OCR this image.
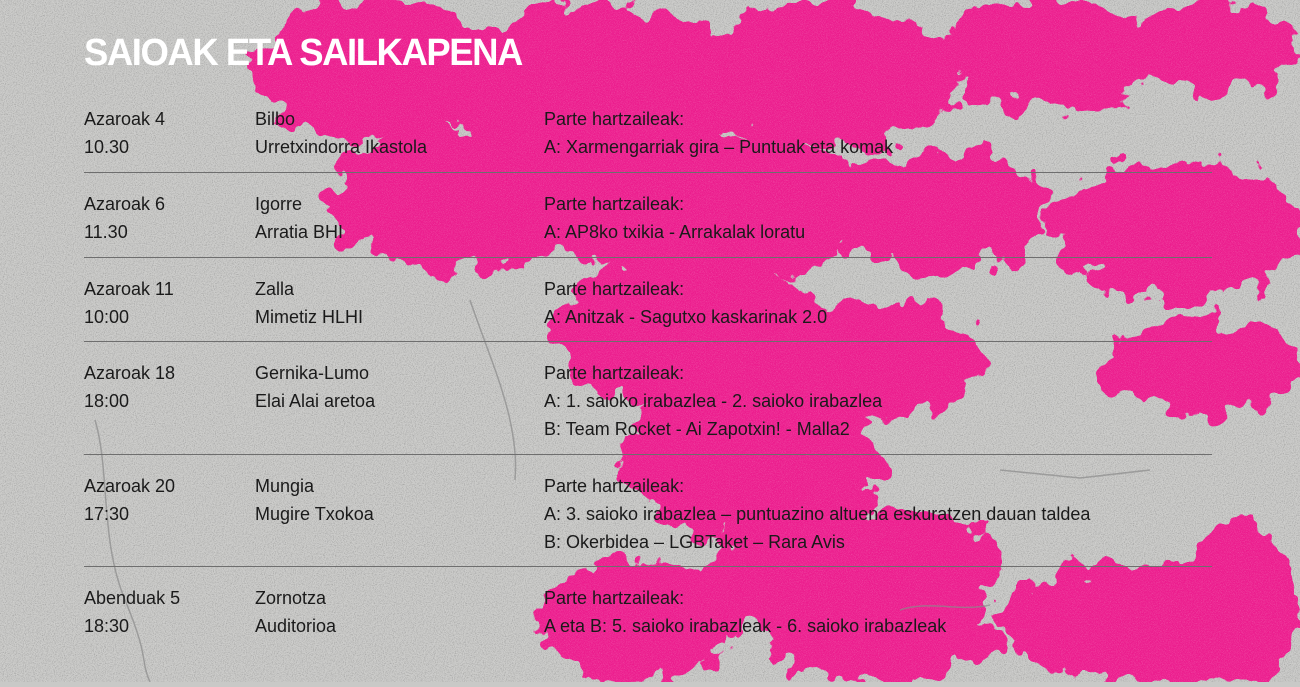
SAIOAK ETA SAILKAPENA
Azaroak 4
10.30
Bilbo
Urretxindorra Ikastola
Parte hartzaileak:
A: Xarmengarriak gira – Puntuak eta komak
Azaroak 6
11.30
Igorre
Arratia BHI
Parte hartzaileak:
A: AP8ko txikia - Arrakalak loratu
Azaroak 11
10:00
Zalla
Mimetiz HLHI
Parte hartzaileak:
A: Anitzak - Sagutxo kaskarinak 2.0
Azaroak 18
18:00
Gernika-Lumo
Elai Alai aretoa
Parte hartzaileak:
A: 1. saioko irabazlea - 2. saioko irabazlea
B: Team Rocket - Ai Zapotxin! - Malla2
Azaroak 20
17:30
Mungia
Mugire Txokoa
Parte hartzaileak:
A: 3. saioko irabazlea – puntuazino altuena eskuratzen dauan taldea
B: Okerbidea – LGBTaket – Rara Avis
Abenduak 5
18:30
Zornotza
Auditorioa
Parte hartzaileak:
A eta B: 5. saioko irabazleak - 6. saioko irabazleak
